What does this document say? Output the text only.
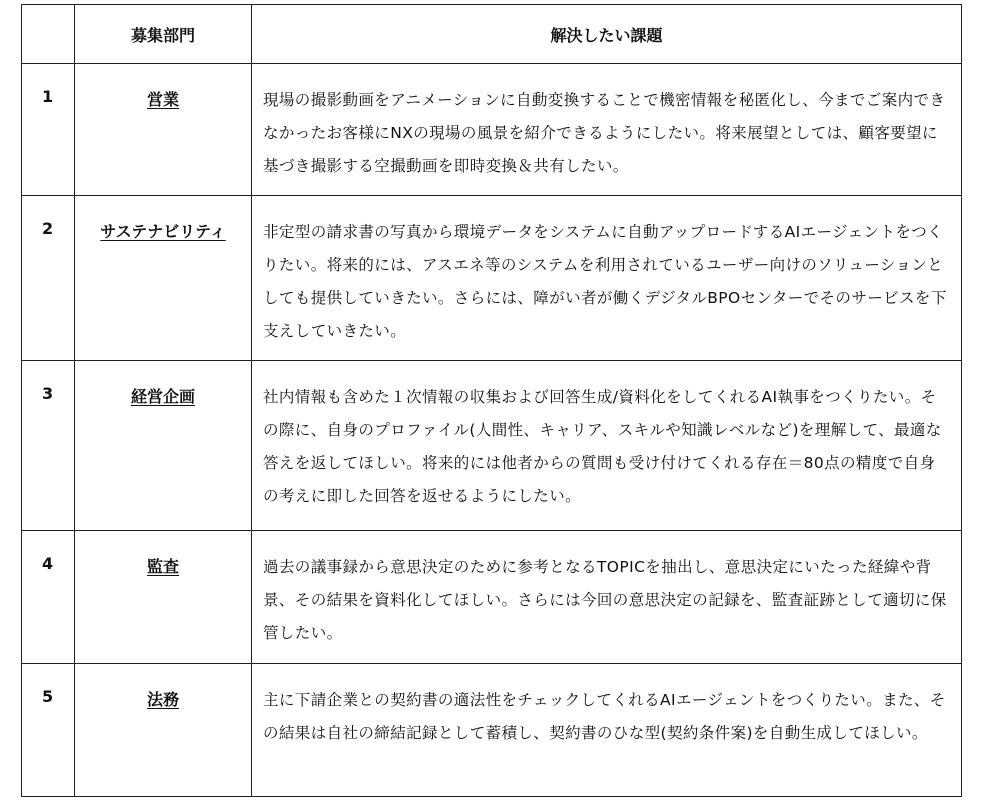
	募集部門	解決したい課題
1	営業	現場の撮影動画をアニメーションに自動変換することで機密情報を秘匿化し、今までご案内できなかったお客様にNXの現場の風景を紹介できるようにしたい。将来展望としては、顧客要望に基づき撮影する空撮動画を即時変換＆共有したい。
2	サステナビリティ	非定型の請求書の写真から環境データをシステムに自動アップロードするAIエージェントをつくりたい。将来的には、アスエネ等のシステムを利用されているユーザー向けのソリューションとしても提供していきたい。さらには、障がい者が働くデジタルBPOセンターでそのサービスを下支えしていきたい。
3	経営企画	社内情報も含めた１次情報の収集および回答生成/資料化をしてくれるAI執事をつくりたい。その際に、自身のプロファイル(人間性、キャリア、スキルや知識レベルなど)を理解して、最適な答えを返してほしい。将来的には他者からの質問も受け付けてくれる存在＝80点の精度で自身の考えに即した回答を返せるようにしたい。
4	監査	過去の議事録から意思決定のために参考となるTOPICを抽出し、意思決定にいたった経緯や背景、その結果を資料化してほしい。さらには今回の意思決定の記録を、監査証跡として適切に保管したい。
5	法務	主に下請企業との契約書の適法性をチェックしてくれるAIエージェントをつくりたい。また、その結果は自社の締結記録として蓄積し、契約書のひな型(契約条件案)を自動生成してほしい。
